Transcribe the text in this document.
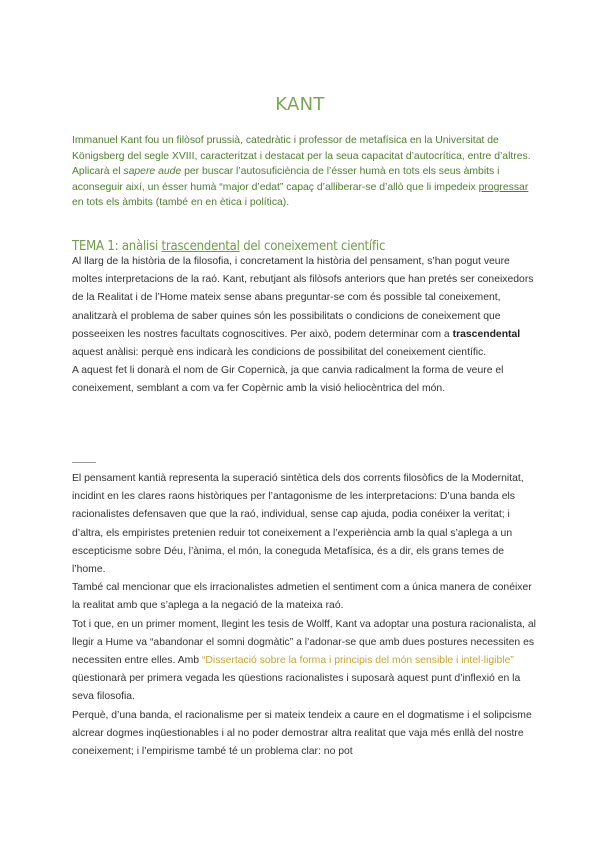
KANT
Immanuel Kant fou un filòsof prussià, catedràtic i professor de metafísica en la Universitat de Königsberg del segle XVIII, caracteritzat i destacat per la seua capacitat d’autocrítica, entre d’altres. Aplicarà el sapere aude per buscar l’autosuficiència de l’ésser humà en tots els seus àmbits i aconseguir així, un ésser humà “major d’edat” capaç d’alliberar-se d’allò que li impedeix progressar en tots els àmbits (també en en ètica i política).
TEMA 1: anàlisi trascendental del coneixement científic

Al llarg de la història de la filosofia, i concretament la història del pensament, s’han pogut veure moltes interpretacions de la raó. Kant, rebutjant als filòsofs anteriors que han pretés ser coneixedors de la Realitat i de l’Home mateix sense abans preguntar-se com és possible tal coneixement, analitzarà el problema de saber quines són les possibilitats o condicions de coneixement que posseeixen les nostres facultats cognoscitives. Per això, podem determinar com a trascendental aquest anàlisi: perquè ens indicarà les condicions de possibilitat del coneixement científic.

A aquest fet li donarà el nom de Gir Copernicà, ja que canvia radicalment la forma de veure el coneixement, semblant a com va fer Copèrnic amb la visió heliocèntrica del món.

El pensament kantià representa la superació sintètica dels dos corrents filosòfics de la Modernitat, incidint en les clares raons històriques per l’antagonisme de les interpretacions: D’una banda els racionalistes defensaven que que la raó, individual, sense cap ajuda, podia conéixer la veritat; i d’altra, els empiristes pretenien reduir tot coneixement a l’experiència amb la qual s’aplega a un escepticisme sobre Déu, l’ànima, el món, la coneguda Metafísica, és a dir, els grans temes de l’home.

També cal mencionar que els irracionalistes admetien el sentiment com a única manera de conéixer la realitat amb que s’aplega a la negació de la mateixa raó.

Tot i que, en un primer moment, llegint les tesis de Wolff, Kant va adoptar una postura racionalista, al llegir a Hume va “abandonar el somni dogmàtic” a l’adonar-se que amb dues postures necessiten es necessiten entre elles. Amb “Dissertació sobre la forma i principis del món sensible i intel·ligible” qüestionarà per primera vegada les qüestions racionalistes i suposarà aquest punt d’inflexió en la seva filosofia.

Perquè, d’una banda, el racionalisme per si mateix tendeix a caure en el dogmatisme i el solipcisme alcrear dogmes inqüestionables i al no poder demostrar altra realitat que vaja més enllà del nostre coneixement; i l’empirisme també té un problema clar: no pot
